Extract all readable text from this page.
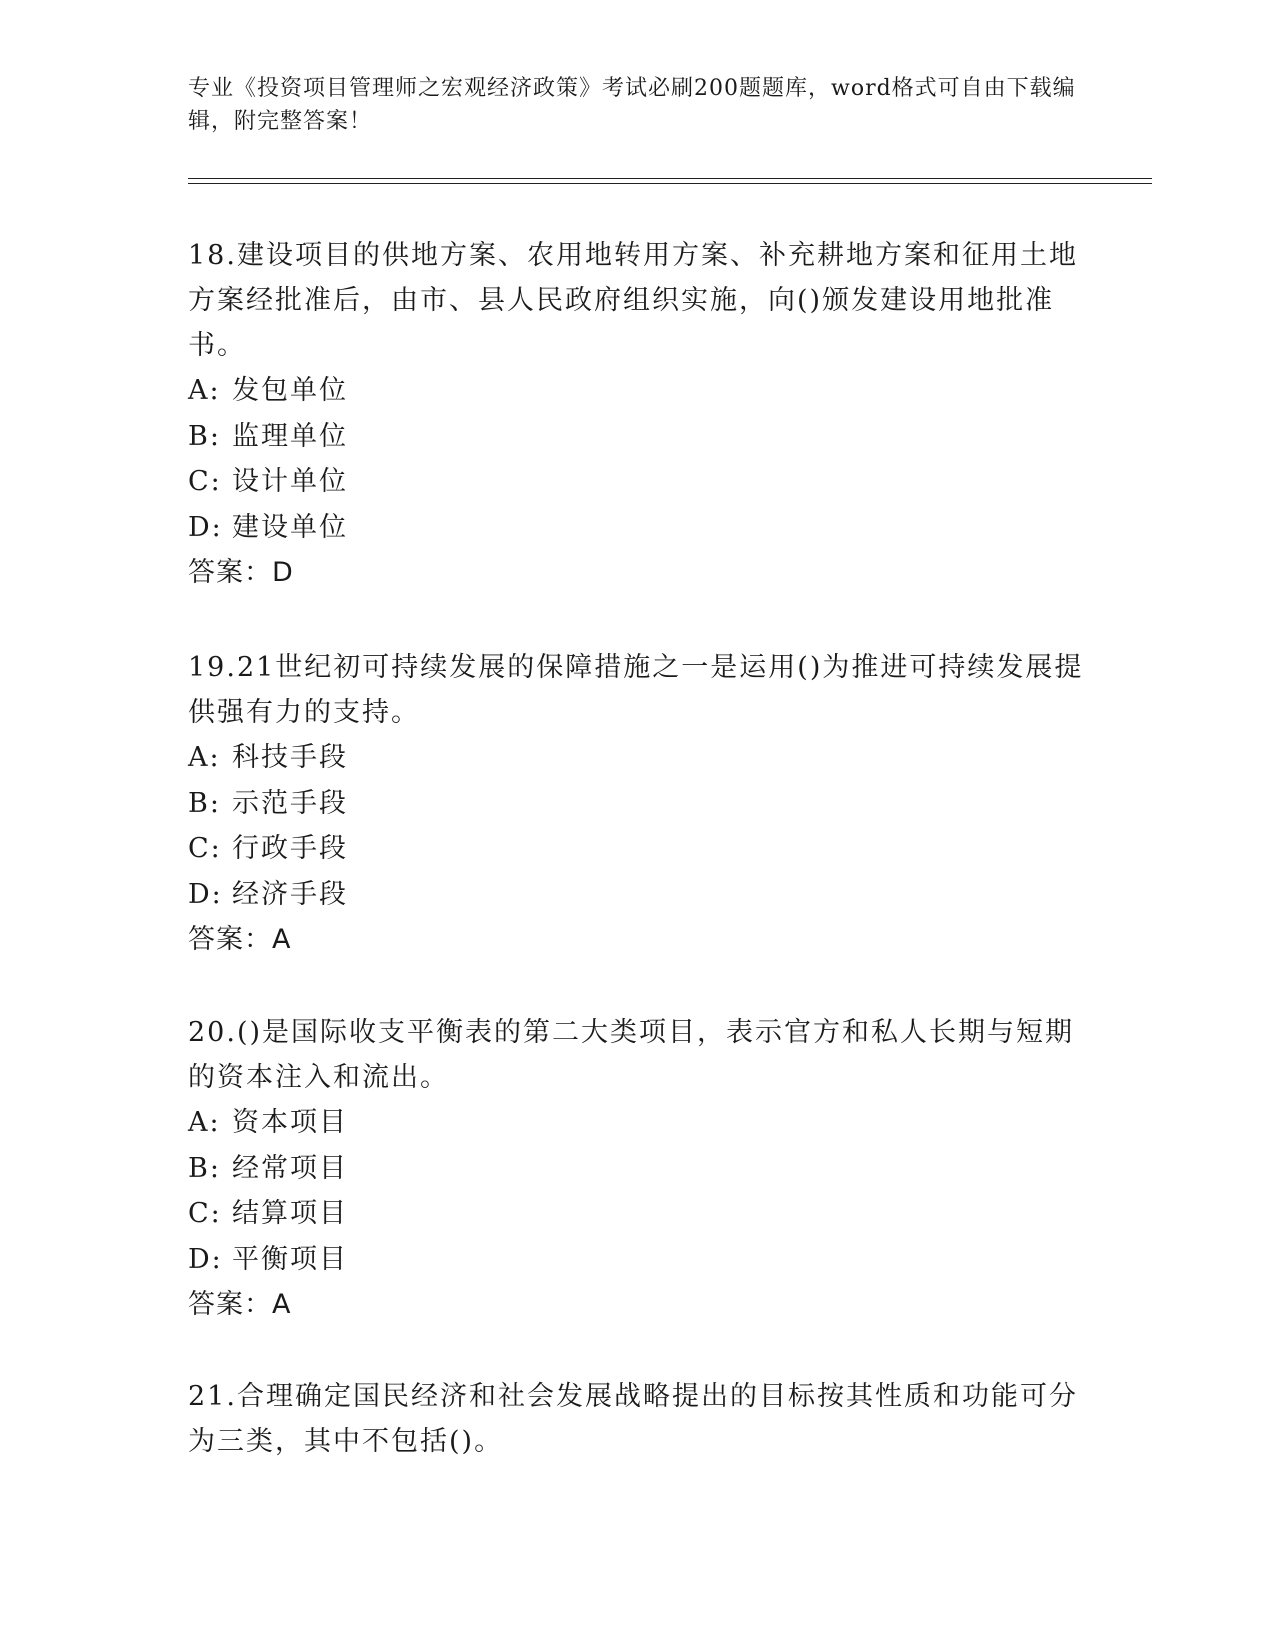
专业《投资项目管理师之宏观经济政策》考试必刷200题题库，word格式可自由下载编辑，附完整答案！

18.建设项目的供地方案、农用地转用方案、补充耕地方案和征用土地方案经批准后，由市、县人民政府组织实施，向()颁发建设用地批准书。

A: 发包单位
B: 监理单位
C: 设计单位
D: 建设单位

答案：D

19.21世纪初可持续发展的保障措施之一是运用()为推进可持续发展提供强有力的支持。

A: 科技手段
B: 示范手段
C: 行政手段
D: 经济手段

答案：A

20.()是国际收支平衡表的第二大类项目，表示官方和私人长期与短期的资本注入和流出。

A: 资本项目
B: 经常项目
C: 结算项目
D: 平衡项目

答案：A

21.合理确定国民经济和社会发展战略提出的目标按其性质和功能可分为三类，其中不包括()。
